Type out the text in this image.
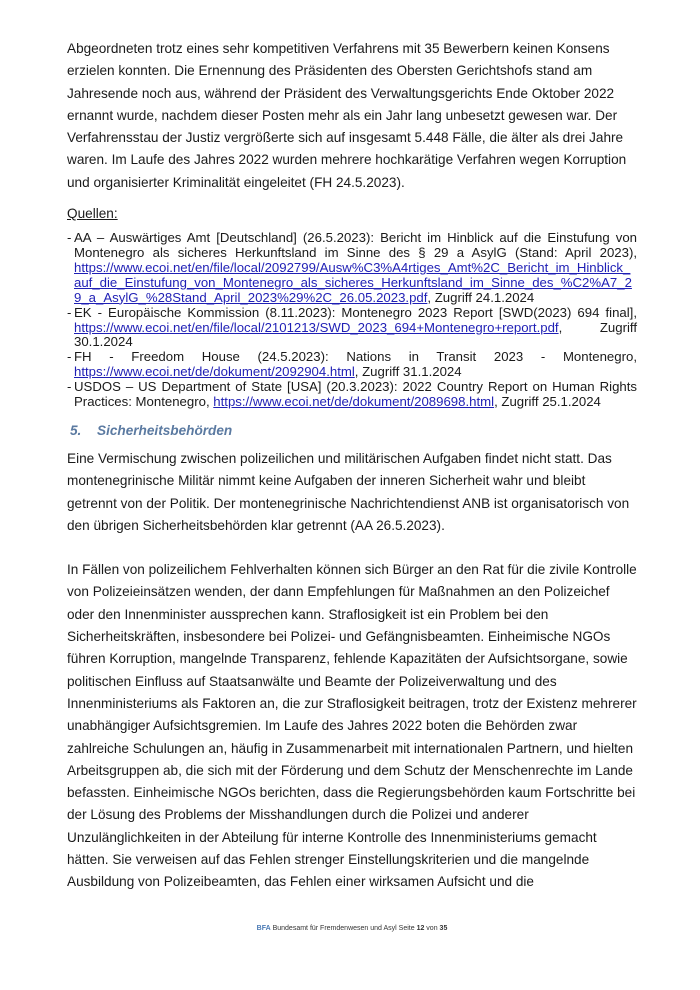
Abgeordneten trotz eines sehr kompetitiven Verfahrens mit 35 Bewerbern keinen Konsens erzielen konnten. Die Ernennung des Präsidenten des Obersten Gerichtshofs stand am Jahresende noch aus, während der Präsident des Verwaltungsgerichts Ende Oktober 2022 ernannt wurde, nachdem dieser Posten mehr als ein Jahr lang unbesetzt gewesen war. Der Verfahrensstau der Justiz vergrößerte sich auf insgesamt 5.448 Fälle, die älter als drei Jahre waren. Im Laufe des Jahres 2022 wurden mehrere hochkarätige Verfahren wegen Korruption und organisierter Kriminalität eingeleitet (FH 24.5.2023).

Quellen:
- AA – Auswärtiges Amt [Deutschland] (26.5.2023): Bericht im Hinblick auf die Einstufung von Montenegro als sicheres Herkunftsland im Sinne des § 29 a AsylG (Stand: April 2023), https://www.ecoi.net/en/file/local/2092799/Ausw%C3%A4rtiges_Amt%2C_Bericht_im_Hinblick_auf_die_Einstufung_von_Montenegro_als_sicheres_Herkunftsland_im_Sinne_des_%C2%A7_29_a_AsylG_%28Stand_April_2023%29%2C_26.05.2023.pdf, Zugriff 24.1.2024
- EK - Europäische Kommission (8.11.2023): Montenegro 2023 Report [SWD(2023) 694 final], https://www.ecoi.net/en/file/local/2101213/SWD_2023_694+Montenegro+report.pdf, Zugriff 30.1.2024
- FH - Freedom House (24.5.2023): Nations in Transit 2023 - Montenegro, https://www.ecoi.net/de/dokument/2092904.html, Zugriff 31.1.2024
- USDOS – US Department of State [USA] (20.3.2023): 2022 Country Report on Human Rights Practices: Montenegro, https://www.ecoi.net/de/dokument/2089698.html, Zugriff 25.1.2024
5. Sicherheitsbehörden

Eine Vermischung zwischen polizeilichen und militärischen Aufgaben findet nicht statt. Das montenegrinische Militär nimmt keine Aufgaben der inneren Sicherheit wahr und bleibt getrennt von der Politik. Der montenegrinische Nachrichtendienst ANB ist organisatorisch von den übrigen Sicherheitsbehörden klar getrennt (AA 26.5.2023).

In Fällen von polizeilichem Fehlverhalten können sich Bürger an den Rat für die zivile Kontrolle von Polizeieinsätzen wenden, der dann Empfehlungen für Maßnahmen an den Polizeichef oder den Innenminister aussprechen kann. Straflosigkeit ist ein Problem bei den Sicherheitskräften, insbesondere bei Polizei- und Gefängnisbeamten. Einheimische NGOs führen Korruption, mangelnde Transparenz, fehlende Kapazitäten der Aufsichtsorgane, sowie politischen Einfluss auf Staatsanwälte und Beamte der Polizeiverwaltung und des Innenministeriums als Faktoren an, die zur Straflosigkeit beitragen, trotz der Existenz mehrerer unabhängiger Aufsichtsgremien. Im Laufe des Jahres 2022 boten die Behörden zwar zahlreiche Schulungen an, häufig in Zusammenarbeit mit internationalen Partnern, und hielten Arbeitsgruppen ab, die sich mit der Förderung und dem Schutz der Menschenrechte im Lande befassten. Einheimische NGOs berichten, dass die Regierungsbehörden kaum Fortschritte bei der Lösung des Problems der Misshandlungen durch die Polizei und anderer Unzulänglichkeiten in der Abteilung für interne Kontrolle des Innenministeriums gemacht hätten. Sie verweisen auf das Fehlen strenger Einstellungskriterien und die mangelnde Ausbildung von Polizeibeamten, das Fehlen einer wirksamen Aufsicht und die

BFA Bundesamt für Fremdenwesen und Asyl Seite 12 von 35
